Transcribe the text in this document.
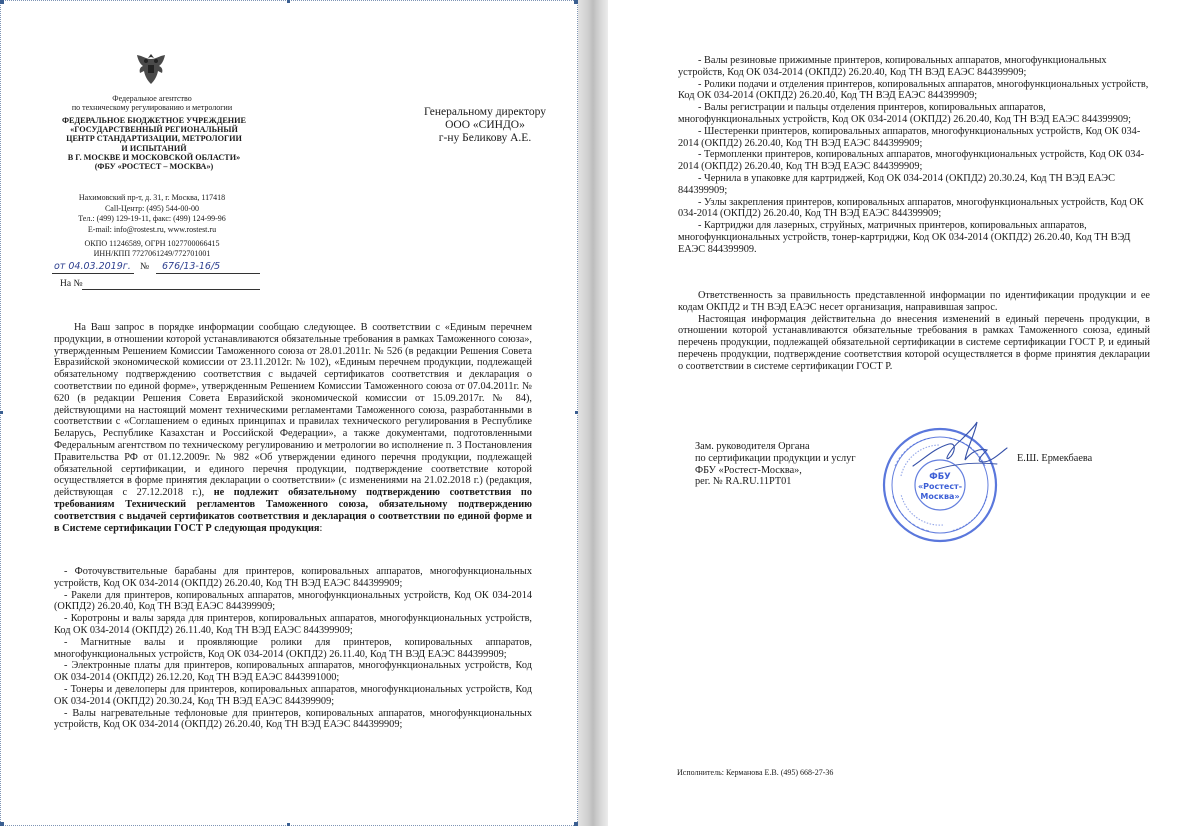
Федеральное агентство
по техническому регулированию и метрологии
ФЕДЕРАЛЬНОЕ БЮДЖЕТНОЕ УЧРЕЖДЕНИЕ
«ГОСУДАРСТВЕННЫЙ РЕГИОНАЛЬНЫЙ
ЦЕНТР СТАНДАРТИЗАЦИИ, МЕТРОЛОГИИ
И ИСПЫТАНИЙ
В Г. МОСКВЕ И МОСКОВСКОЙ ОБЛАСТИ»
(ФБУ «РОСТЕСТ – МОСКВА»)
Нахимовский пр-т, д. 31, г. Москва, 117418
Call-Центр: (495) 544-00-00
Тел.: (499) 129-19-11, факс: (499) 124-99-96
E-mail: info@rostest.ru, www.rostest.ru
ОКПО 11246589, ОГРН 1027700066415
ИНН/КПП 7727061249/772701001
от 04.03.2019г. № 676/13-16/5
На №
Генеральному директору
ООО «СИНДО»
г-ну Беликову А.Е.

На Ваш запрос в порядке информации сообщаю следующее. В соответствии с «Единым перечнем продукции, в отношении которой устанавливаются обязательные требования в рамках Таможенного союза», утвержденным Решением Комиссии Таможенного союза от 28.01.2011г. № 526 (в редакции Решения Совета Евразийской экономической комиссии от 23.11.2012г. № 102), «Единым перечнем продукции, подлежащей обязательному подтверждению соответствия с выдачей сертификатов соответствия и декларация о соответствии по единой форме», утвержденным Решением Комиссии Таможенного союза от 07.04.2011г. № 620 (в редакции Решения Совета Евразийской экономической комиссии от 15.09.2017г. № 84), действующими на настоящий момент техническими регламентами Таможенного союза, разработанными в соответствии с «Соглашением о единых принципах и правилах технического регулирования в Республике Беларусь, Республике Казахстан и Российской Федерации», а также документами, подготовленными Федеральным агентством по техническому регулированию и метрологии во исполнение п. 3 Постановления Правительства РФ от 01.12.2009г. № 982 «Об утверждении единого перечня продукции, подлежащей обязательной сертификации, и единого перечня продукции, подтверждение соответствие которой осуществляется в форме принятия декларации о соответствии» (с изменениями на 21.02.2018 г.) (редакция, действующая с 27.12.2018 г.), не подлежит обязательному подтверждению соответствия по требованиям Технический регламентов Таможенного союза, обязательному подтверждению соответствия с выдачей сертификатов соответствия и декларация о соответствии по единой форме и в Системе сертификации ГОСТ Р следующая продукция:

- Фоточувствительные барабаны для принтеров, копировальных аппаратов, многофункциональных устройств, Код ОК 034-2014 (ОКПД2) 26.20.40, Код ТН ВЭД ЕАЭС 844399909;

- Ракели для принтеров, копировальных аппаратов, многофункциональных устройств, Код ОК 034-2014 (ОКПД2) 26.20.40, Код ТН ВЭД ЕАЭС 844399909;

- Коротроны и валы заряда для принтеров, копировальных аппаратов, многофункциональных устройств, Код ОК 034-2014 (ОКПД2) 26.11.40, Код ТН ВЭД ЕАЭС 844399909;

- Магнитные валы и проявляющие ролики для принтеров, копировальных аппаратов, многофункциональных устройств, Код ОК 034-2014 (ОКПД2) 26.11.40, Код ТН ВЭД ЕАЭС 844399909;

- Электронные платы для принтеров, копировальных аппаратов, многофункциональных устройств, Код ОК 034-2014 (ОКПД2) 26.12.20, Код ТН ВЭД ЕАЭС 8443991000;

- Тонеры и девелоперы для принтеров, копировальных аппаратов, многофункциональных устройств, Код ОК 034-2014 (ОКПД2) 20.30.24, Код ТН ВЭД ЕАЭС 844399909;

- Валы нагревательные тефлоновые для принтеров, копировальных аппаратов, многофункциональных устройств, Код ОК 034-2014 (ОКПД2) 26.20.40, Код ТН ВЭД ЕАЭС 844399909;

- Валы резиновые прижимные принтеров, копировальных аппаратов, многофункциональных устройств, Код ОК 034-2014 (ОКПД2) 26.20.40, Код ТН ВЭД ЕАЭС 844399909;

- Ролики подачи и отделения принтеров, копировальных аппаратов, многофункциональных устройств, Код ОК 034-2014 (ОКПД2) 26.20.40, Код ТН ВЭД ЕАЭС 844399909;

- Валы регистрации и пальцы отделения принтеров, копировальных аппаратов, многофункциональных устройств, Код ОК 034-2014 (ОКПД2) 26.20.40, Код ТН ВЭД ЕАЭС 844399909;

- Шестеренки принтеров, копировальных аппаратов, многофункциональных устройств, Код ОК 034-2014 (ОКПД2) 26.20.40, Код ТН ВЭД ЕАЭС 844399909;

- Термопленки принтеров, копировальных аппаратов, многофункциональных устройств, Код ОК 034-2014 (ОКПД2) 26.20.40, Код ТН ВЭД ЕАЭС 844399909;

- Чернила в упаковке для картриджей, Код ОК 034-2014 (ОКПД2) 20.30.24, Код ТН ВЭД ЕАЭС 844399909;

- Узлы закрепления принтеров, копировальных аппаратов, многофункциональных устройств, Код ОК 034-2014 (ОКПД2) 26.20.40, Код ТН ВЭД ЕАЭС 844399909;

- Картриджи для лазерных, струйных, матричных принтеров, копировальных аппаратов, многофункциональных устройств, тонер-картриджи, Код ОК 034-2014 (ОКПД2) 26.20.40, Код ТН ВЭД ЕАЭС 844399909.

Ответственность за правильность представленной информации по идентификации продукции и ее кодам ОКПД2 и ТН ВЭД ЕАЭС несет организация, направившая запрос.

Настоящая информация действительна до внесения изменений в единый перечень продукции, в отношении которой устанавливаются обязательные требования в рамках Таможенного союза, единый перечень продукции, подлежащей обязательной сертификации в системе сертификации ГОСТ Р, и единый перечень продукции, подтверждение соответствия которой осуществляется в форме принятия декларации о соответствии в системе сертификации ГОСТ Р.

Зам. руководителя Органа
по сертификации продукции и услуг
ФБУ «Ростест-Москва»,
рег. № RA.RU.11РТ01	ФБУ
«Ростест-
Москва»
Е.Ш. Ермекбаева
Исполнитель: Керманова Е.В. (495) 668-27-36
